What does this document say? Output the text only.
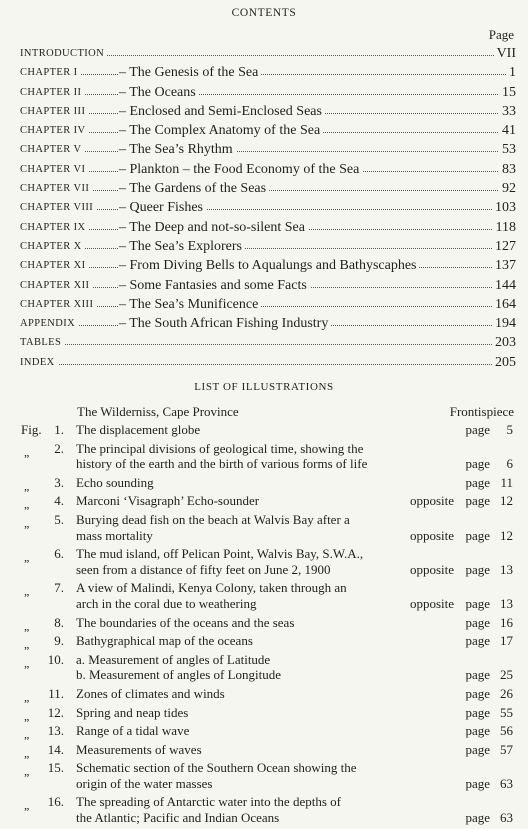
CONTENTS
Page
INTRODUCTION	VII
CHAPTER I	– The Genesis of the Sea	1
CHAPTER II	– The Oceans	15
CHAPTER III – Enclosed and Semi-Enclosed Seas	33
CHAPTER IV – The Complex Anatomy of the Sea	41
CHAPTER V	– The Sea’s Rhythm	53
CHAPTER VI – Plankton – the Food Economy of the Sea	83
CHAPTER VII – The Gardens of the Seas	92
CHAPTER VIII – Queer Fishes	103
CHAPTER IX – The Deep and not-so-silent Sea	118
CHAPTER X	– The Sea’s Explorers	127
CHAPTER XI – From Diving Bells to Aqualungs and Bathyscaphes	137
CHAPTER XII – Some Fantasies and some Facts	144
CHAPTER XIII – The Sea’s Munificence	164
APPENDIX	– The South African Fishing Industry	194
TABLES	203
INDEX	205
LIST OF ILLUSTRATIONS
The Wilderniss, Cape Province	Frontispiece
Fig. 1. The displacement globe	page	5
„	2. The principal divisions of geological time, showing the
history of the earth and the birth of various forms of life	page	6
„	3. Echo sounding	page 11
„	4. Marconi ‘Visagraph’ Echo-sounder	opposite page 12
„	5. Burying dead fish on the beach at Walvis Bay after a
mass mortality	opposite page 12
„	6. The mud island, off Pelican Point, Walvis Bay, S.W.A.,
seen from a distance of fifty feet on June 2, 1900	opposite page 13
„	7. A view of Malindi, Kenya Colony, taken through an
arch in the coral due to weathering	opposite page 13
„	8. The boundaries of the oceans and the seas	page 16
„	9. Bathygraphical map of the oceans	page 17
„ 10. a. Measurement of angles of Latitude
b. Measurement of angles of Longitude	page 25
„ 11. Zones of climates and winds	page 26
„ 12. Spring and neap tides	page 55
„ 13. Range of a tidal wave	page 56
„ 14. Measurements of waves	page 57
„ 15. Schematic section of the Southern Ocean showing the
origin of the water masses	page 63
„ 16. The spreading of Antarctic water into the depths of
the Atlantic; Pacific and Indian Oceans	page 63
